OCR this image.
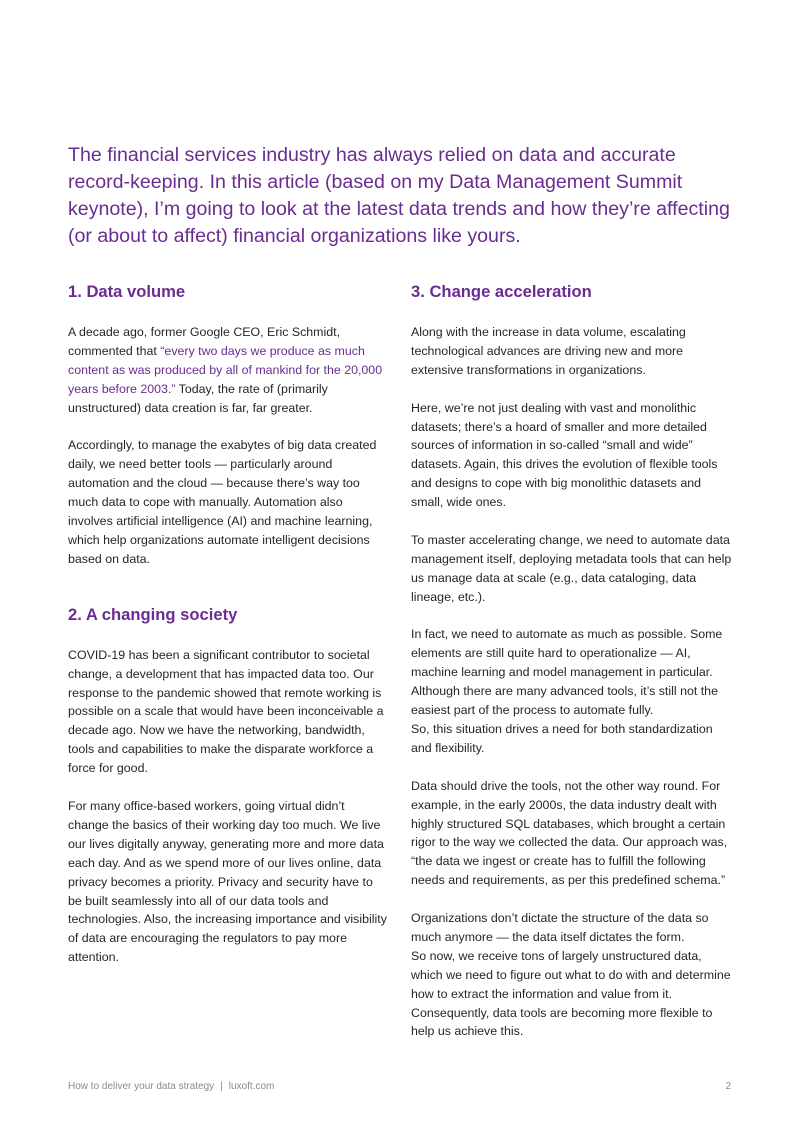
The financial services industry has always relied on data and accurate record-keeping. In this article (based on my Data Management Summit keynote), I’m going to look at the latest data trends and how they’re affecting (or about to affect) financial organizations like yours.

1. Data volume

A decade ago, former Google CEO, Eric Schmidt, commented that “every two days we produce as much content as was produced by all of mankind for the 20,000 years before 2003.” Today, the rate of (primarily unstructured) data creation is far, far greater.

Accordingly, to manage the exabytes of big data created daily, we need better tools — particularly around automation and the cloud — because there’s way too much data to cope with manually. Automation also involves artificial intelligence (AI) and machine learning, which help organizations automate intelligent decisions based on data.

2. A changing society

COVID-19 has been a significant contributor to societal change, a development that has impacted data too. Our response to the pandemic showed that remote working is possible on a scale that would have been inconceivable a decade ago. Now we have the networking, bandwidth, tools and capabilities to make the disparate workforce a force for good.

For many office-based workers, going virtual didn’t change the basics of their working day too much. We live our lives digitally anyway, generating more and more data each day. And as we spend more of our lives online, data privacy becomes a priority. Privacy and security have to be built seamlessly into all of our data tools and technologies. Also, the increasing importance and visibility of data are encouraging the regulators to pay more attention.

3. Change acceleration

Along with the increase in data volume, escalating technological advances are driving new and more extensive transformations in organizations.

Here, we’re not just dealing with vast and monolithic datasets; there’s a hoard of smaller and more detailed sources of information in so-called “small and wide” datasets. Again, this drives the evolution of flexible tools and designs to cope with big monolithic datasets and small, wide ones.

To master accelerating change, we need to automate data management itself, deploying metadata tools that can help us manage data at scale (e.g., data cataloging, data lineage, etc.).

In fact, we need to automate as much as possible. Some elements are still quite hard to operationalize — AI, machine learning and model management in particular. Although there are many advanced tools, it’s still not the easiest part of the process to automate fully.

So, this situation drives a need for both standardization and flexibility.

Data should drive the tools, not the other way round. For example, in the early 2000s, the data industry dealt with highly structured SQL databases, which brought a certain rigor to the way we collected the data. Our approach was, “the data we ingest or create has to fulfill the following needs and requirements, as per this predefined schema.”

Organizations don’t dictate the structure of the data so much anymore — the data itself dictates the form.

So now, we receive tons of largely unstructured data, which we need to figure out what to do with and determine how to extract the information and value from it. Consequently, data tools are becoming more flexible to help us achieve this.

How to deliver your data strategy | luxoft.com	2
